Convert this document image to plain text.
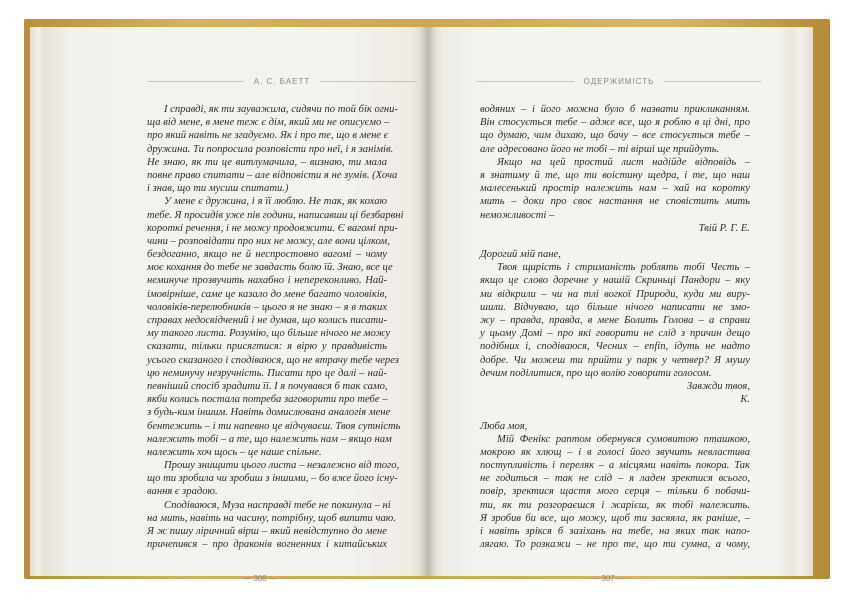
А. С. БАЕТТ
І справді, як ти зауважила, сидячи по той бік огни-
ща від мене, в мене теж є дім, який ми не описуємо –
про який навіть не згадуємо. Як і про те, що в мене є
дружина. Ти попросила розповісти про неї, і я занімів.
Не знаю, як ти це витлумачила, – визнаю, ти мала
повне право спитати – але відповісти я не зумів. (Хоча
і знав, що ти мусиш спитати.)
У мене є дружина, і я її люблю. Не так, як кохаю
тебе. Я просидів уже пів години, написавши ці безбарвні
короткі речення, і не можу продовжити. Є вагомі при-
чини – розповідати про них не можу, але вони цілком,
бездоганно, якщо не й неспростовно вагомі – чому
моє кохання до тебе не завдасть болю їй. Знаю, все це
неминуче прозвучить нахабно і непереконливо. Най-
імовірніше, саме це казало до мене багато чоловіків,
чоловіків-перелюбників – цього я не знаю – я в таких
справах недосвідчений і не думав, що колись писати-
му такого листа. Розумію, що більше нічого не можу
сказати, тільки присягтися: я вірю у правдивість
усього сказаного і сподіваюся, що не втрачу тебе через
цю неминучу незручність. Писати про це далі – най-
певніший спосіб зрадити її. І я почувався б так само,
якби колись постала потреба заговорити про тебе –
з будь-ким іншим. Навіть домислювана аналогія мене
бентежить – і ти напевно це відчуваєш. Твоя сутність
належить тобі – а те, що належить нам – якщо нам
належить хоч щось – це наше спільне.
Прошу знищити цього листа – незалежно від того,
що ти зробила чи зробиш з іншими, – бо вже його існу-
вання є зрадою.
Сподіваюся, Муза насправді тебе не покинула – ні
на мить, навіть на часину, потрібну, щоб випити чаю.
Я ж пишу ліричний вірш – який невідступно до мене
причепився – про драконів вогненних і китайських
— 306 —
ОДЕРЖИМІСТЬ
водяних – і його можна було б назвати прикликанням.
Він стосується тебе – адже все, що я роблю в ці дні, про
що думаю, чим дихаю, що бачу – все стосується тебе –
але адресовано його не тобі – ті вірші ще прийдуть.
Якщо на цей простий лист надійде відповідь –
я знатиму й те, що ти воістину щедра, і те, що наш
малесенький простір належить нам – хай на коротку
мить – доки про своє настання не сповістить мить
неможливості –
Твій Р. Г. Е.
Дорогий мій пане,
Твоя щирість і стриманість роблять тобі Честь –
якщо це слово доречне у нашій Скриньці Пандори – яку
ми відкрили – чи на тлі вогкої Природи, куди ми виру-
шили. Відчуваю, що більше нічого написати не змо-
жу – правда, правда, в мене Болить Голова – а справи
у цьому Домі – про які говорити не слід з причин дещо
подібних і, сподіваюся, Чесних – enfin, ідуть не надто
добре. Чи можеш ти прийти у парк у четвер? Я мушу
дечим поділитися, про що волію говорити голосом.
Завжди твоя,
К.
Люба моя,
Мій Фенікс раптом обернувся сумовитою пташкою,
мокрою як хлющ – і в голосі його звучить невластива
поступливість і переляк – а місцями навіть покора. Так
не годиться – так не слід – я ладен зректися всього,
повір, зректися щастя мого серця – тільки б побачи-
ти, як ти розгораєшся і жарієш, як тобі належить.
Я зробив би все, що можу, щоб ти засяяла, як раніше, –
і навіть зрікся б зазіхань на тебе, на яких так напо-
лягаю. То розкажи – не про те, що ти сумна, а чому,
— 307 —
